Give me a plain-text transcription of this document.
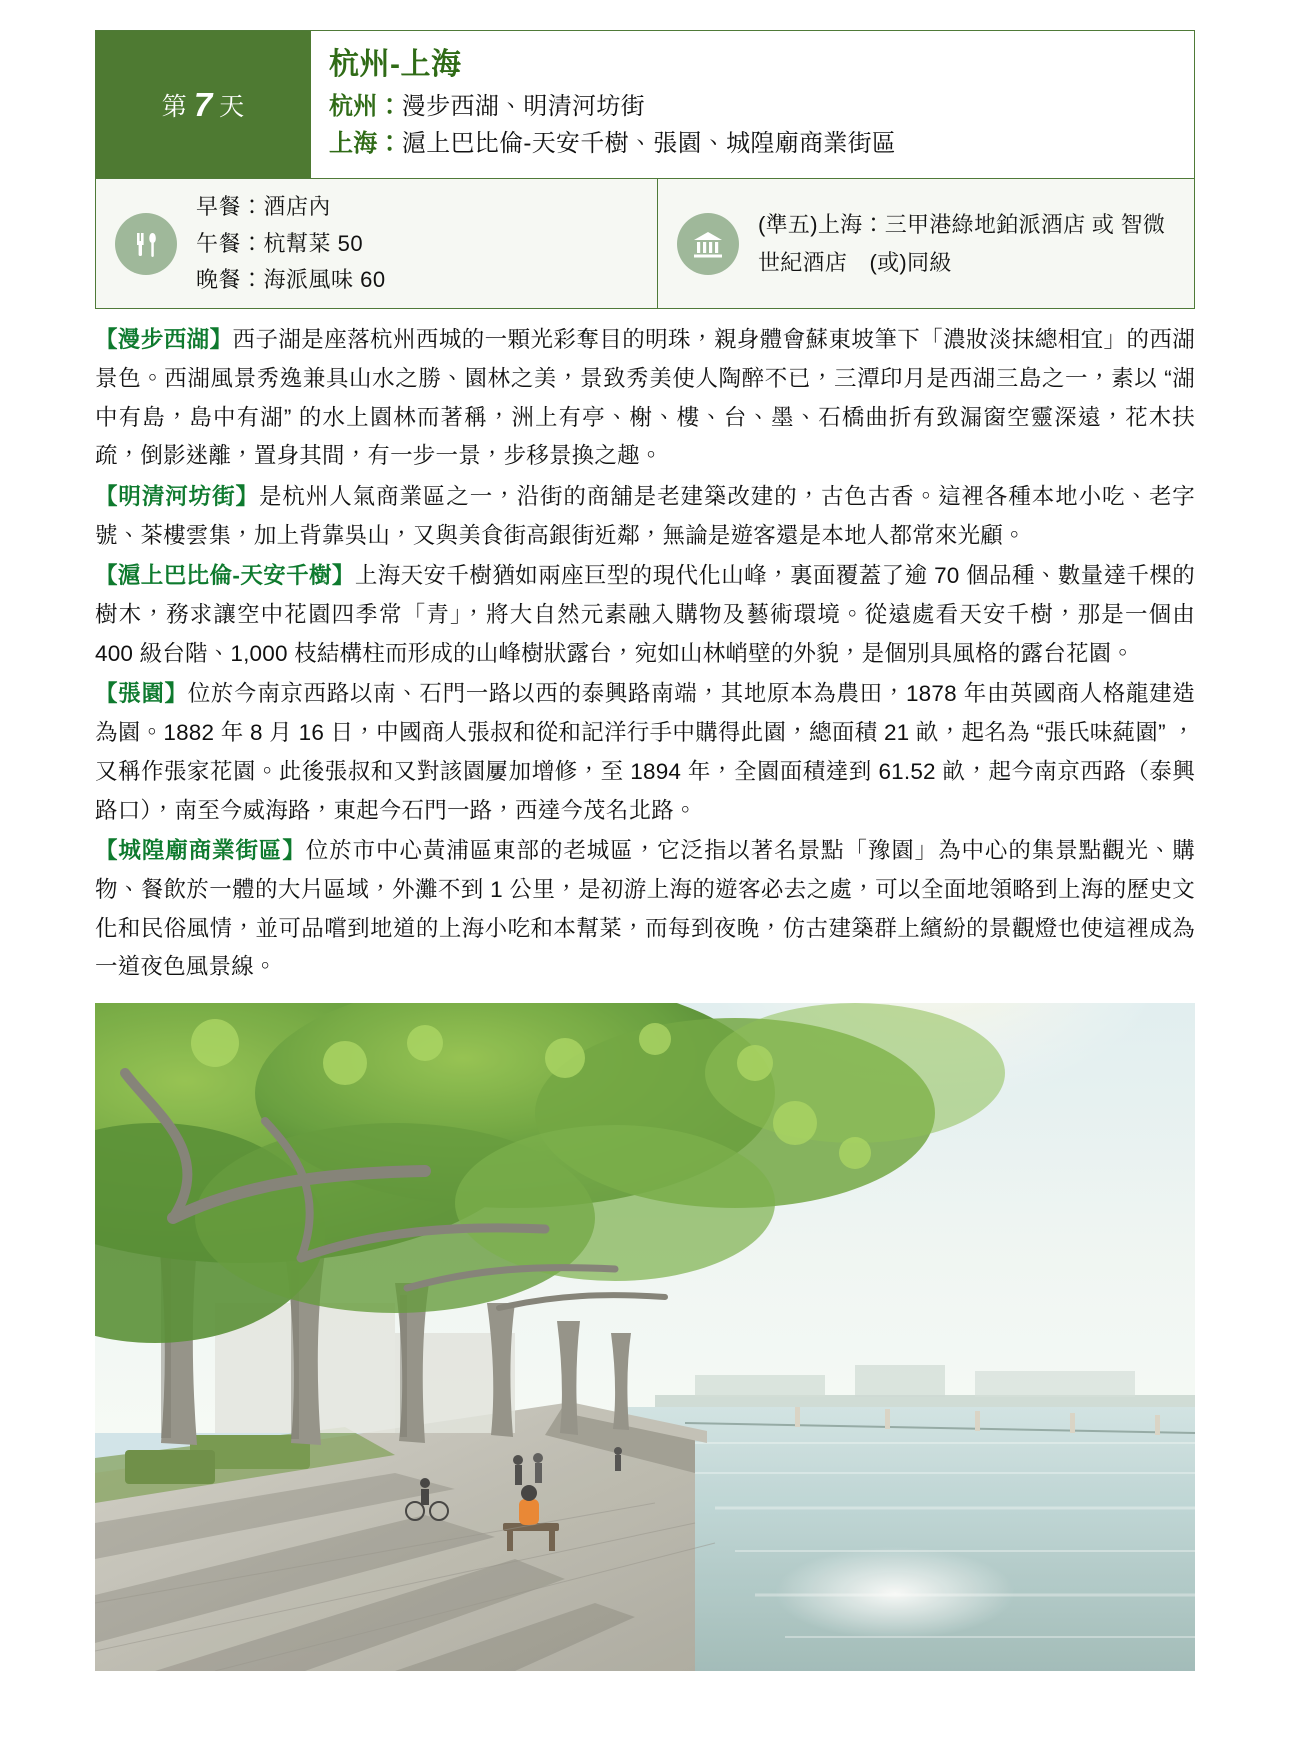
第 7 天
杭州-上海
杭州：漫步西湖、明清河坊街
上海：滬上巴比倫-天安千樹、張園、城隍廟商業街區
早餐：酒店內
午餐：杭幫菜 50
晚餐：海派風味 60
(準五)上海：三甲港綠地鉑派酒店 或 智微世紀酒店　(或)同級

【漫步西湖】西子湖是座落杭州西城的一顆光彩奪目的明珠，親身體會蘇東坡筆下「濃妝淡抹總相宜」的西湖景色。西湖風景秀逸兼具山水之勝、園林之美，景致秀美使人陶醉不已，三潭印月是西湖三島之一，素以 “湖中有島，島中有湖” 的水上園林而著稱，洲上有亭、榭、樓、台、墨、石橋曲折有致漏窗空靈深遠，花木扶疏，倒影迷離，置身其間，有一步一景，步移景換之趣。

【明清河坊街】是杭州人氣商業區之一，沿街的商舖是老建築改建的，古色古香。這裡各種本地小吃、老字號、茶樓雲集，加上背靠吳山，又與美食街高銀街近鄰，無論是遊客還是本地人都常來光顧。

【滬上巴比倫-天安千樹】上海天安千樹猶如兩座巨型的現代化山峰，裏面覆蓋了逾 70 個品種、數量達千棵的樹木，務求讓空中花園四季常「青」，將大自然元素融入購物及藝術環境。從遠處看天安千樹，那是一個由 400 級台階、1,000 枝結構柱而形成的山峰樹狀露台，宛如山林峭壁的外貌，是個別具風格的露台花園。

【張園】位於今南京西路以南、石門一路以西的泰興路南端，其地原本為農田，1878 年由英國商人格龍建造為園。1882 年 8 月 16 日，中國商人張叔和從和記洋行手中購得此園，總面積 21 畝，起名為 “張氏味蒓園” ，又稱作張家花園。此後張叔和又對該園屢加增修，至 1894 年，全園面積達到 61.52 畝，起今南京西路（泰興路口），南至今威海路，東起今石門一路，西達今茂名北路。

【城隍廟商業街區】位於市中心黃浦區東部的老城區，它泛指以著名景點「豫園」為中心的集景點觀光、購物、餐飲於一體的大片區域，外灘不到 1 公里，是初游上海的遊客必去之處，可以全面地領略到上海的歷史文化和民俗風情，並可品嚐到地道的上海小吃和本幫菜，而每到夜晚，仿古建築群上繽紛的景觀燈也使這裡成為一道夜色風景線。
